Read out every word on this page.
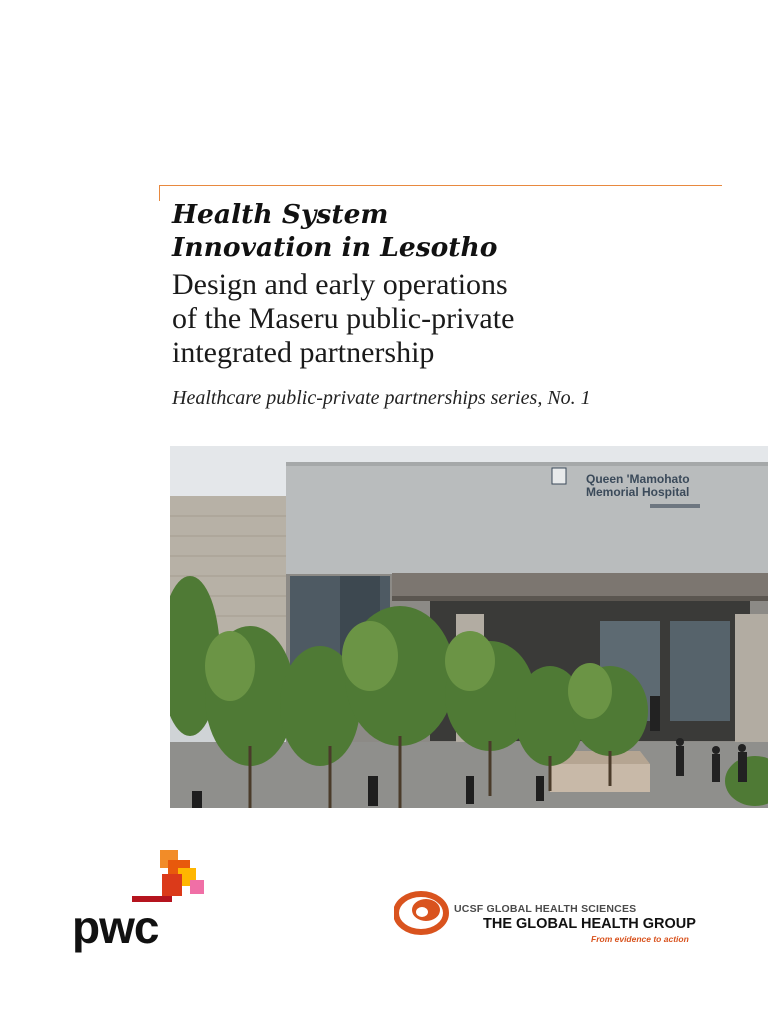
Health System
Innovation in Lesotho
Design and early operations
of the Maseru public-private
integrated partnership
Healthcare public-private partnerships series, No. 1
Queen 'Mamohato
Memorial Hospital
pwc	UCSF GLOBAL HEALTH SCIENCES
THE GLOBAL HEALTH GROUP
From evidence to action
